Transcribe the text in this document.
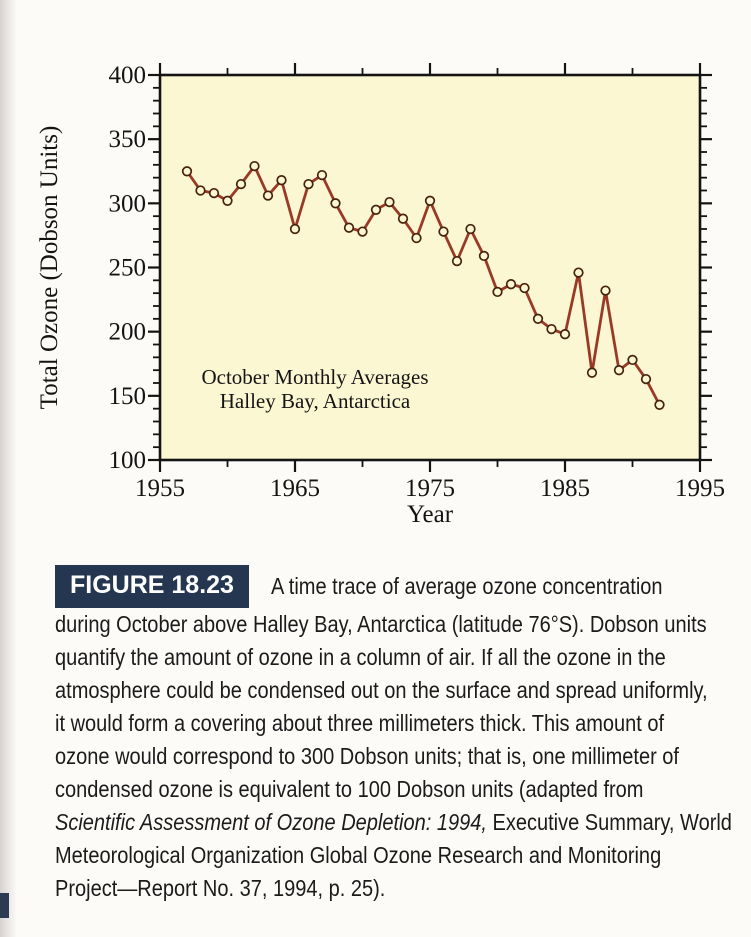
1955	1965	1975	1985	1995
100
150
200
250
300
350
400
Year
Total Ozone (Dobson Units)	October Monthly Averages
Halley Bay, Antarctica
FIGURE 18.23	A time trace of average ozone concentration
during October above Halley Bay, Antarctica (latitude 76°S). Dobson units
quantify the amount of ozone in a column of air. If all the ozone in the
atmosphere could be condensed out on the surface and spread uniformly,
it would form a covering about three millimeters thick. This amount of
ozone would correspond to 300 Dobson units; that is, one millimeter of
condensed ozone is equivalent to 100 Dobson units (adapted from
Scientific Assessment of Ozone Depletion: 1994, Executive Summary, World
Meteorological Organization Global Ozone Research and Monitoring
Project—Report No. 37, 1994, p. 25).
